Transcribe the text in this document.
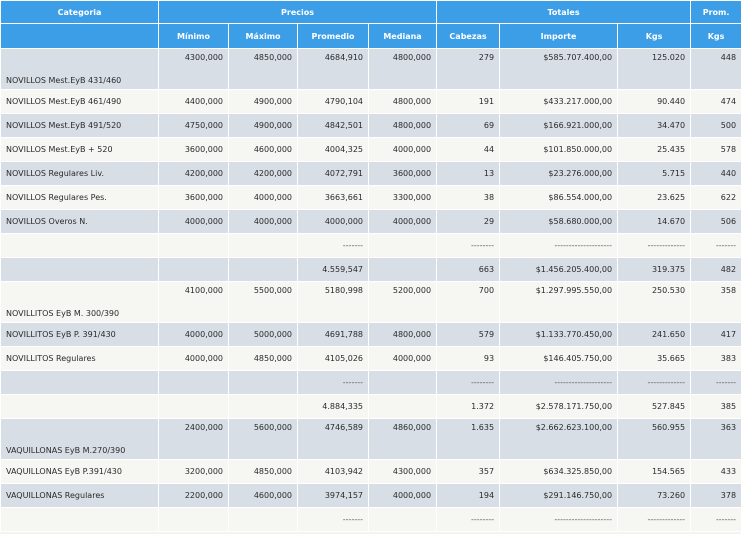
Categoria	Precios				Totales			Prom.
	Mínimo	Máximo	Promedio	Mediana	Cabezas	Importe	Kgs	Kgs
NOVILLOS Mest.EyB 431/460	4300,000	4850,000	4684,910	4800,000	279	$585.707.400,00	125.020	448
NOVILLOS Mest.EyB 461/490	4400,000	4900,000	4790,104	4800,000	191	$433.217.000,00	90.440	474
NOVILLOS Mest.EyB 491/520	4750,000	4900,000	4842,501	4800,000	69	$166.921.000,00	34.470	500
NOVILLOS Mest.EyB + 520	3600,000	4600,000	4004,325	4000,000	44	$101.850.000,00	25.435	578
NOVILLOS Regulares Liv.	4200,000	4200,000	4072,791	3600,000	13	$23.276.000,00	5.715	440
NOVILLOS Regulares Pes.	3600,000	4000,000	3663,661	3300,000	38	$86.554.000,00	23.625	622
NOVILLOS Overos N.	4000,000	4000,000	4000,000	4000,000	29	$58.680.000,00	14.670	506
			-------		--------	--------------------	-------------	-------
			4.559,547		663	$1.456.205.400,00	319.375	482
NOVILLITOS EyB M. 300/390	4100,000	5500,000	5180,998	5200,000	700	$1.297.995.550,00	250.530	358
NOVILLITOS EyB P. 391/430	4000,000	5000,000	4691,788	4800,000	579	$1.133.770.450,00	241.650	417
NOVILLITOS Regulares	4000,000	4850,000	4105,026	4000,000	93	$146.405.750,00	35.665	383
			-------		--------	--------------------	-------------	-------
			4.884,335		1.372	$2.578.171.750,00	527.845	385
VAQUILLONAS EyB M.270/390	2400,000	5600,000	4746,589	4860,000	1.635	$2.662.623.100,00	560.955	363
VAQUILLONAS EyB P.391/430	3200,000	4850,000	4103,942	4300,000	357	$634.325.850,00	154.565	433
VAQUILLONAS Regulares	2200,000	4600,000	3974,157	4000,000	194	$291.146.750,00	73.260	378
			-------		--------	--------------------	-------------	-------
